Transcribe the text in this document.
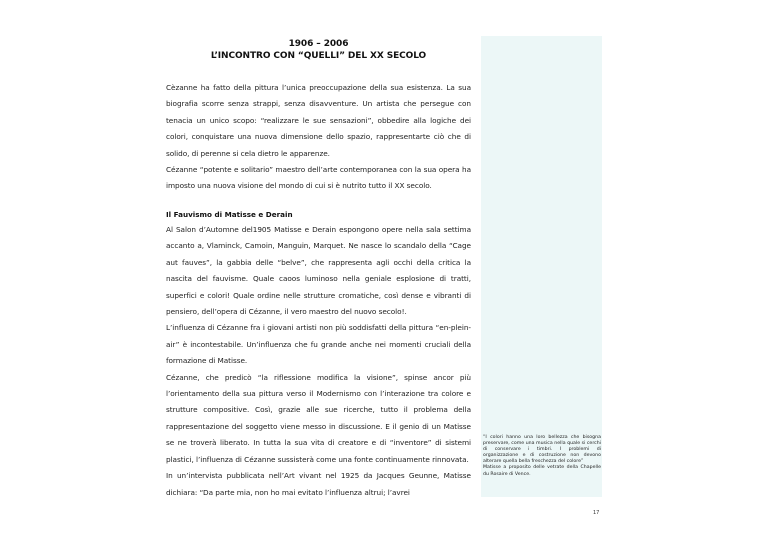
1906 – 2006
L’INCONTRO CON “QUELLI” DEL XX SECOLO

Cèzanne ha fatto della pittura l’unica preoccupazione della sua esistenza. La sua biografia scorre senza strappi, senza disavventure. Un artista che persegue con tenacia un unico scopo: “realizzare le sue sensazioni”, obbedire alla logiche dei colori, conquistare una nuova dimensione dello spazio, rappresentarte ciò che di solido, di perenne si cela dietro le apparenze.

Cézanne “potente e solitario” maestro dell’arte contemporanea con la sua opera ha imposto una nuova visione del mondo di cui si è nutrito tutto il XX secolo.

Il Fauvismo di Matisse e Derain

Al Salon d’Automne del1905 Matisse e Derain espongono opere nella sala settima accanto a, Vlaminck, Camoin, Manguin, Marquet. Ne nasce lo scandalo della “Cage aut fauves”, la gabbia delle “belve”, che rappresenta agli occhi della critica la nascita del fauvisme. Quale caoos luminoso nella geniale esplosione di tratti, superfici e colori! Quale ordine nelle strutture cromatiche, così dense e vibranti di pensiero, dell’opera di Cézanne, il vero maestro del nuovo secolo!.

L’influenza di Cézanne fra i giovani artisti non più soddisfatti della pittura “en-plein-air” è incontestabile. Un’influenza che fu grande anche nei momenti cruciali della formazione di Matisse.

Cézanne, che predicò “la riflessione modifica la visione”, spinse ancor più l’orientamento della sua pittura verso il Modernismo con l’interazione tra colore e strutture compositive. Così, grazie alle sue ricerche, tutto il problema della rappresentazione del soggetto viene messo in discussione. E il genio di un Matisse se ne troverà liberato. In tutta la sua vita di creatore e di “inventore” di sistemi plastici, l’influenza di Cézanne sussisterà come una fonte continuamente rinnovata.

In un’intervista pubblicata nell’Art vivant nel 1925 da Jacques Geunne, Matisse dichiara: “Da parte mia, non ho mai evitato l’influenza altrui; l’avrei

“I colori hanno una loro bellezza che bisogna preservare, come una musica nella quale si cerchi di conservare i timbri. I problemi di organizzazione e di costruzione non devono alterare quella bella freschezza del colore”

Matisse a proposito delle vetrate della Chapelle du Rosaire di Vence.

17
